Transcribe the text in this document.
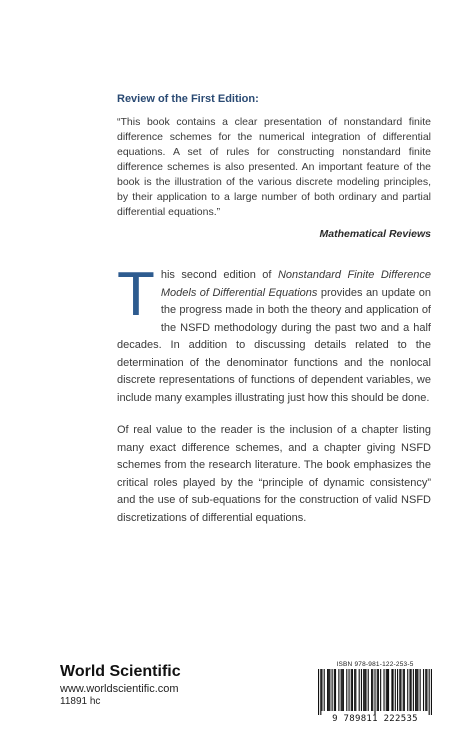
Review of the First Edition:

“This book contains a clear presentation of nonstandard finite difference schemes for the numerical integration of differential equations. A set of rules for constructing nonstandard finite difference schemes is also presented. An important feature of the book is the illustration of the various discrete modeling principles, by their application to a large number of both ordinary and partial differential equations.”

Mathematical Reviews

This second edition of Nonstandard Finite Difference Models of Differential Equations provides an update on the progress made in both the theory and application of the NSFD methodology during the past two and a half decades. In addition to discussing details related to the determination of the denominator functions and the nonlocal discrete representations of functions of dependent variables, we include many examples illustrating just how this should be done.

Of real value to the reader is the inclusion of a chapter listing many exact difference schemes, and a chapter giving NSFD schemes from the research literature. The book emphasizes the critical roles played by the “principle of dynamic consistency” and the use of sub-equations for the construction of valid NSFD discretizations of differential equations.

World Scientific

www.worldscientific.com

11891 hc

ISBN 978-981-122-253-5

9 789811 222535
